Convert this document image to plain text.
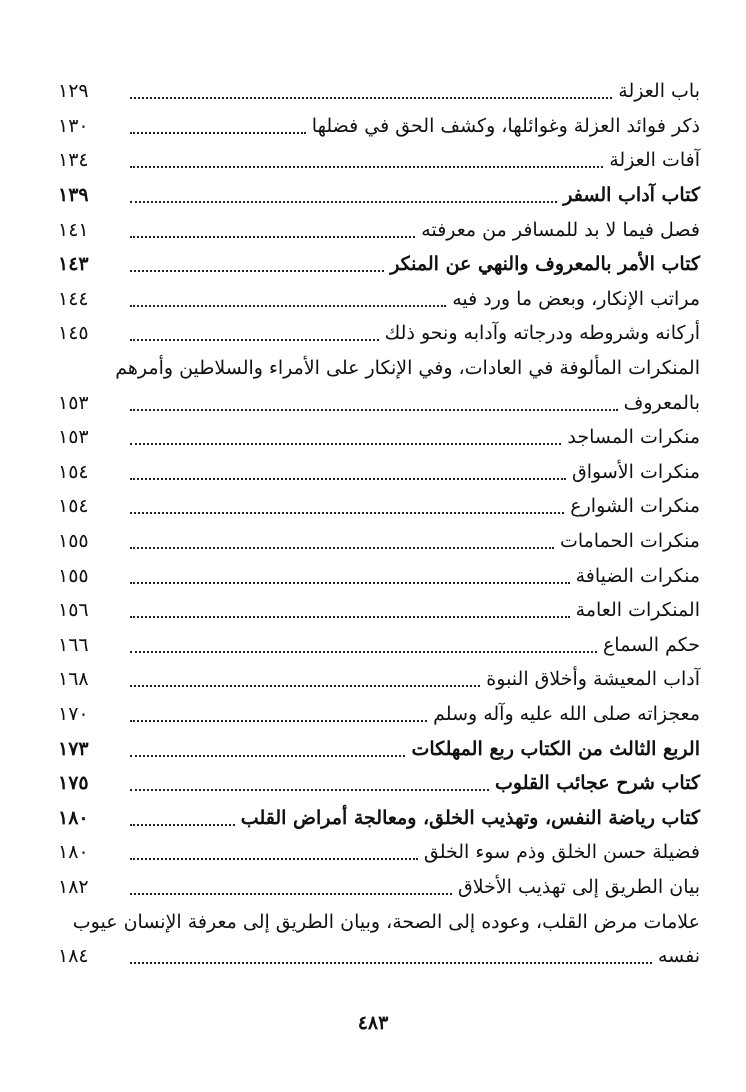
باب العزلة
١٢٩
ذكر فوائد العزلة وغوائلها، وكشف الحق في فضلها
١٣٠
آفات العزلة
١٣٤
كتاب آداب السفر
١٣٩
فصل فيما لا بد للمسافر من معرفته
١٤١
كتاب الأمر بالمعروف والنهي عن المنكر
١٤٣
مراتب الإنكار، وبعض ما ورد فيه
١٤٤
أركانه وشروطه ودرجاته وآدابه ونحو ذلك
١٤٥
المنكرات المألوفة في العادات، وفي الإنكار على الأمراء والسلاطين وأمرهم
بالمعروف
١٥٣
منكرات المساجد
١٥٣
منكرات الأسواق
١٥٤
منكرات الشوارع
١٥٤
منكرات الحمامات
١٥٥
منكرات الضيافة
١٥٥
المنكرات العامة
١٥٦
حكم السماع
١٦٦
آداب المعيشة وأخلاق النبوة
١٦٨
معجزاته صلى الله عليه وآله وسلم
١٧٠
الربع الثالث من الكتاب ربع المهلكات
١٧٣
كتاب شرح عجائب القلوب
١٧٥
كتاب رياضة النفس، وتهذيب الخلق، ومعالجة أمراض القلب
١٨٠
فضيلة حسن الخلق وذم سوء الخلق
١٨٠
بيان الطريق إلى تهذيب الأخلاق
١٨٢
علامات مرض القلب، وعوده إلى الصحة، وبيان الطريق إلى معرفة الإنسان عيوب
نفسه
١٨٤
٤٨٣
